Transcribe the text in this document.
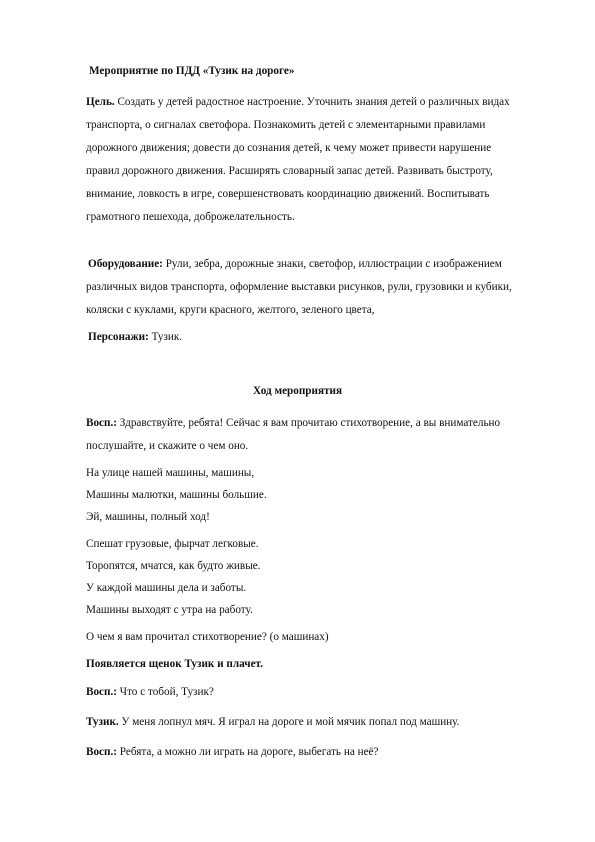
Мероприятие по ПДД «Тузик на дороге»
Цель. Создать у детей радостное настроение. Уточнить знания детей о различных видах
транспорта, о сигналах светофора. Познакомить детей с элементарными правилами
дорожного движения; довести до сознания детей, к чему может привести нарушение
правил дорожного движения. Расширять словарный запас детей. Развивать быстроту,
внимание, ловкость в игре, совершенствовать координацию движений. Воспитывать
грамотного пешехода, доброжелательность.
Оборудование: Рули, зебра, дорожные знаки, светофор, иллюстрации с изображением
различных видов транспорта, оформление выставки рисунков, рули, грузовики и кубики,
коляски с куклами, круги красного, желтого, зеленого цвета,
Персонажи: Тузик.
Ход мероприятия
Восп.: Здравствуйте, ребята! Сейчас я вам прочитаю стихотворение, а вы внимательно
послушайте, и скажите о чем оно.
На улице нашей машины, машины,
Машины малютки, машины большие.
Эй, машины, полный ход!
Спешат грузовые, фырчат легковые.
Торопятся, мчатся, как будто живые.
У каждой машины дела и заботы.
Машины выходят с утра на работу.
О чем я вам прочитал стихотворение? (о машинах)
Появляется щенок Тузик и плачет.
Восп.: Что с тобой, Тузик?
Тузик. У меня лопнул мяч. Я играл на дороге и мой мячик попал под машину.
Восп.: Ребята, а можно ли играть на дороге, выбегать на неё?
